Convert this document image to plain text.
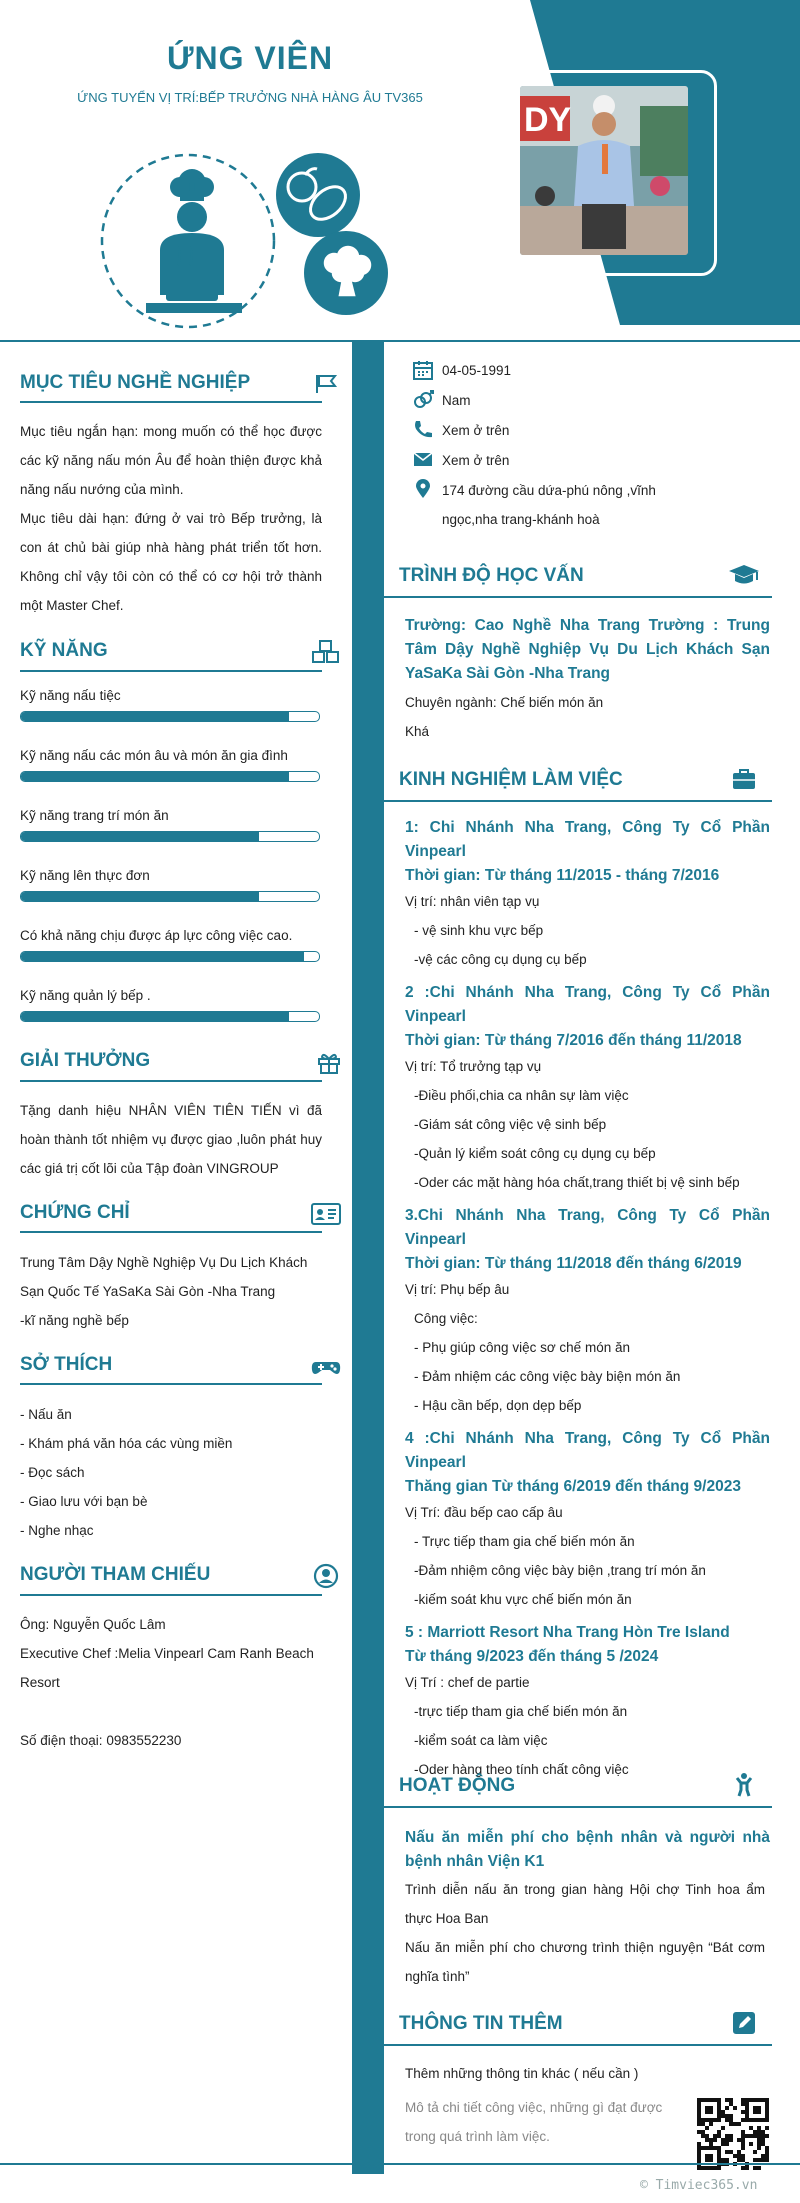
ỨNG VIÊN
ỨNG TUYỂN VỊ TRÍ:BẾP TRƯỞNG NHÀ HÀNG ÂU TV365
DY
MỤC TIÊU NGHỀ NGHIỆP
Mục tiêu ngắn hạn: mong muốn có thể học được các kỹ năng nấu món Âu để hoàn thiện được khả năng nấu nướng của mình.
Mục tiêu dài hạn: đứng ở vai trò Bếp trưởng, là con át chủ bài giúp nhà hàng phát triển tốt hơn. Không chỉ vậy tôi còn có thể có cơ hội trở thành một Master Chef.
KỸ NĂNG
Kỹ năng nấu tiệc
Kỹ năng nấu các món âu và món ăn gia đình
Kỹ năng trang trí món ăn
Kỹ năng lên thực đơn
Có khả năng chịu được áp lực công việc cao.
Kỹ năng quản lý bếp .
GIẢI THƯỞNG
Tặng danh hiệu NHÂN VIÊN TIÊN TIẾN vì đã hoàn thành tốt nhiệm vụ được giao ,luôn phát huy các giá trị cốt lõi của Tập đoàn VINGROUP
CHỨNG CHỈ
Trung Tâm Dậy Nghề Nghiệp Vụ Du Lịch Khách Sạn Quốc Tế YaSaKa Sài Gòn -Nha Trang
-kĩ năng nghề bếp
SỞ THÍCH
- Nấu ăn
- Khám phá văn hóa các vùng miền
- Đọc sách
- Giao lưu với bạn bè
- Nghe nhạc
NGƯỜI THAM CHIẾU
Ông: Nguyễn Quốc Lâm
Executive Chef :Melia Vinpearl Cam Ranh Beach Resort
Số điện thoại: 0983552230
04-05-1991
Nam
Xem ở trên
Xem ở trên
174 đường cầu dứa-phú nông ,vĩnh
ngọc,nha trang-khánh hoà
TRÌNH ĐỘ HỌC VẤN
Trường: Cao Nghề Nha Trang Trường : Trung Tâm Dậy Nghề Nghiệp Vụ Du Lịch Khách Sạn YaSaKa Sài Gòn -Nha Trang
Chuyên ngành: Chế biến món ăn
Khá
KINH NGHIỆM LÀM VIỆC
1: Chi Nhánh Nha Trang, Công Ty Cổ Phần Vinpearl
Thời gian: Từ tháng 11/2015 - tháng 7/2016
Vị trí: nhân viên tạp vụ
- vệ sinh khu vực bếp
-vệ các công cụ dụng cụ bếp
2 :Chi Nhánh Nha Trang, Công Ty Cổ Phần Vinpearl
Thời gian: Từ tháng 7/2016 đến tháng 11/2018
Vị trí: Tổ trưởng tạp vụ
-Điều phối,chia ca nhân sự làm việc
-Giám sát công việc vệ sinh bếp
-Quản lý kiểm soát công cụ dụng cụ bếp
-Oder các mặt hàng hóa chất,trang thiết bị vệ sinh bếp
3.Chi Nhánh Nha Trang, Công Ty Cổ Phần Vinpearl
Thời gian: Từ tháng 11/2018 đến tháng 6/2019
Vị trí: Phụ bếp âu
Công việc:
- Phụ giúp công việc sơ chế món ăn
- Đảm nhiệm các công việc bày biện món ăn
- Hậu cần bếp, dọn dẹp bếp
4 :Chi Nhánh Nha Trang, Công Ty Cổ Phần Vinpearl
Thăng gian Từ tháng 6/2019 đến tháng 9/2023
Vị Trí: đầu bếp cao cấp âu
- Trực tiếp tham gia chế biến món ăn
-Đảm nhiệm công việc bày biện ,trang trí món ăn
-kiếm soát khu vực chế biến món ăn
5 : Marriott Resort Nha Trang Hòn Tre Island
Từ tháng 9/2023 đến tháng 5 /2024
Vị Trí : chef de partie
-trực tiếp tham gia chế biến món ăn
-kiểm soát ca làm việc
-Oder hàng theo tính chất công việc
HOẠT ĐỘNG
Nấu ăn miễn phí cho bệnh nhân và người nhà bệnh nhân Viện K1
Trình diễn nấu ăn trong gian hàng Hội chợ Tinh hoa ẩm thực Hoa Ban
Nấu ăn miễn phí cho chương trình thiện nguyện “Bát cơm nghĩa tình”
THÔNG TIN THÊM
Thêm những thông tin khác ( nếu cần )
Mô tả chi tiết công việc, những gì đạt được trong quá trình làm việc.
© Timviec365.vn
